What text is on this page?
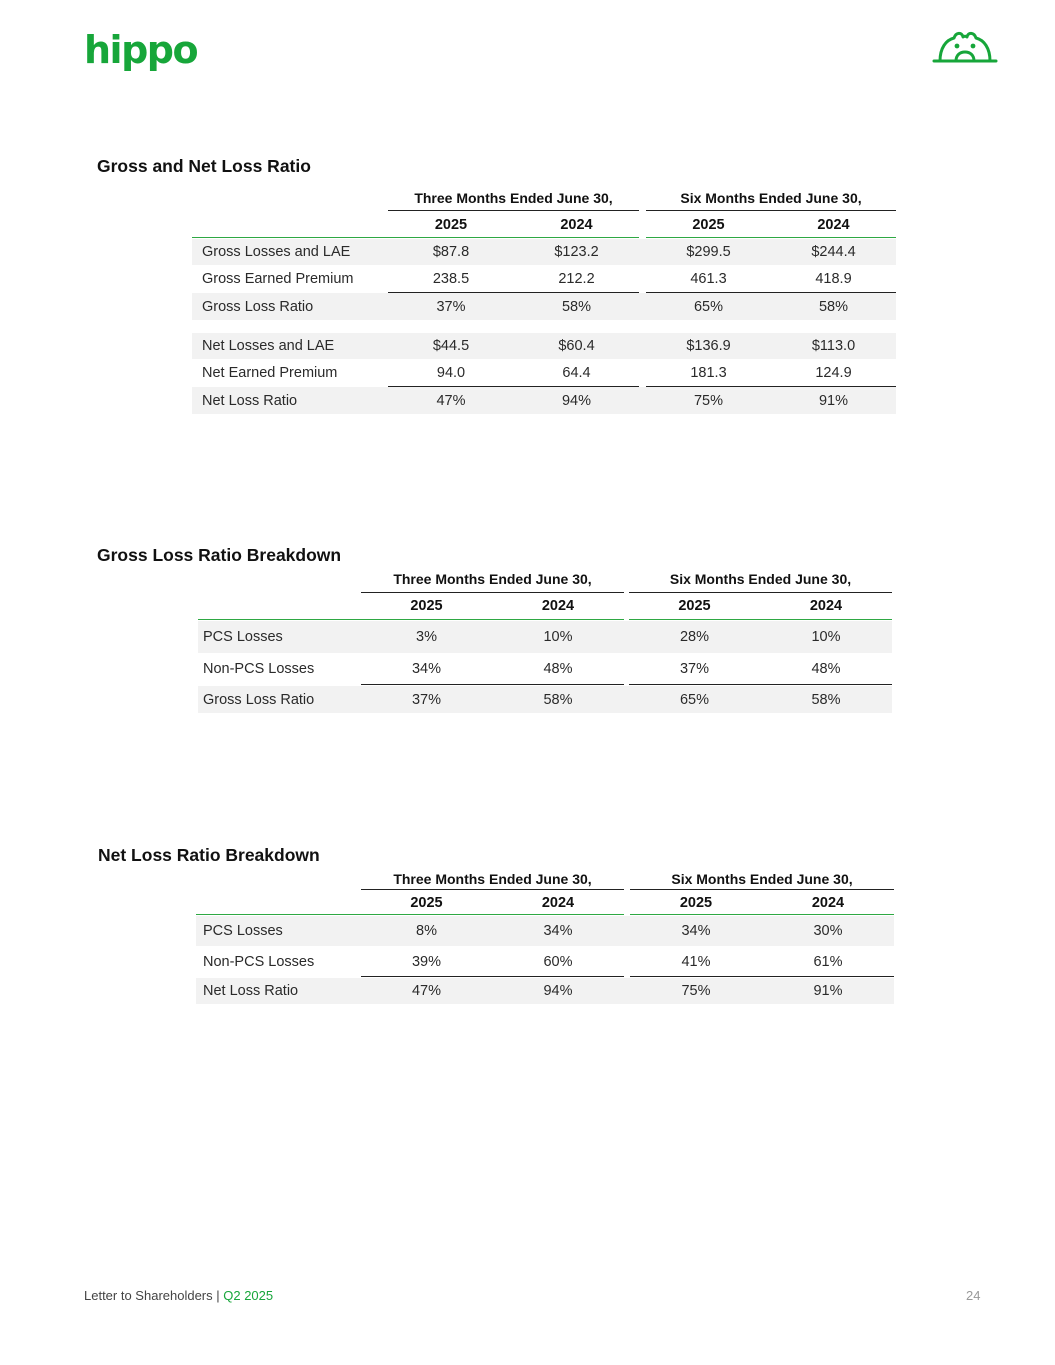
hippo
Gross and Net Loss Ratio
Three Months Ended June 30,	Six Months Ended June 30,
2025	2024	2025	2024
Gross Losses and LAE	$87.8	$123.2	$299.5	$244.4
Gross Earned Premium	238.5	212.2	461.3	418.9
Gross Loss Ratio	37%	58%	65%	58%
Net Losses and LAE	$44.5	$60.4	$136.9	$113.0
Net Earned Premium	94.0	64.4	181.3	124.9
Net Loss Ratio	47%	94%	75%	91%
Gross Loss Ratio Breakdown
Three Months Ended June 30,	Six Months Ended June 30,
2025	2024	2025	2024
PCS Losses	3%	10%	28%	10%
Non-PCS Losses	34%	48%	37%	48%
Gross Loss Ratio	37%	58%	65%	58%
Net Loss Ratio Breakdown
Three Months Ended June 30,	Six Months Ended June 30,
2025	2024	2025	2024
PCS Losses	8%	34%	34%	30%
Non-PCS Losses	39%	60%	41%	61%
Net Loss Ratio	47%	94%	75%	91%
Letter to Shareholders | Q2 2025	24
